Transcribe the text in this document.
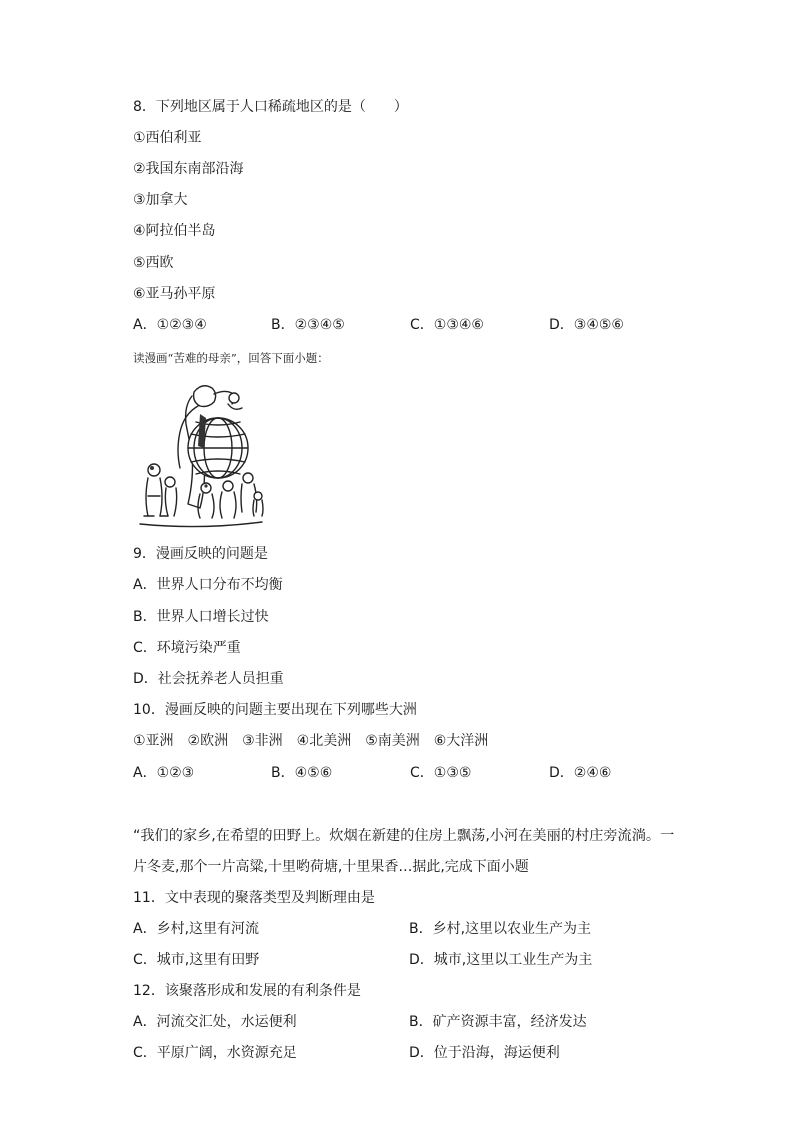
8．下列地区属于人口稀疏地区的是（　　）
①西伯利亚
②我国东南部沿海
③加拿大
④阿拉伯半岛
⑤西欧
⑥亚马孙平原
A．①②③④	B．②③④⑤	C．①③④⑥	D．③④⑤⑥
读漫画“苦难的母亲”，回答下面小题：
9．漫画反映的问题是
A．世界人口分布不均衡
B．世界人口增长过快
C．环境污染严重
D．社会抚养老人员担重
10．漫画反映的问题主要出现在下列哪些大洲
①亚洲　②欧洲　③非洲　④北美洲　⑤南美洲　⑥大洋洲
A．①②③	B．④⑤⑥	C．①③⑤	D．②④⑥
“我们的家乡,在希望的田野上。炊烟在新建的住房上飘荡,小河在美丽的村庄旁流淌。一
片冬麦,那个一片高粱,十里哟荷塘,十里果香…据此,完成下面小题
11．文中表现的聚落类型及判断理由是
A．乡村,这里有河流	B．乡村,这里以农业生产为主
C．城市,这里有田野	D．城市,这里以工业生产为主
12．该聚落形成和发展的有利条件是
A．河流交汇处，水运便利	B．矿产资源丰富，经济发达
C．平原广阔，水资源充足	D．位于沿海，海运便利
